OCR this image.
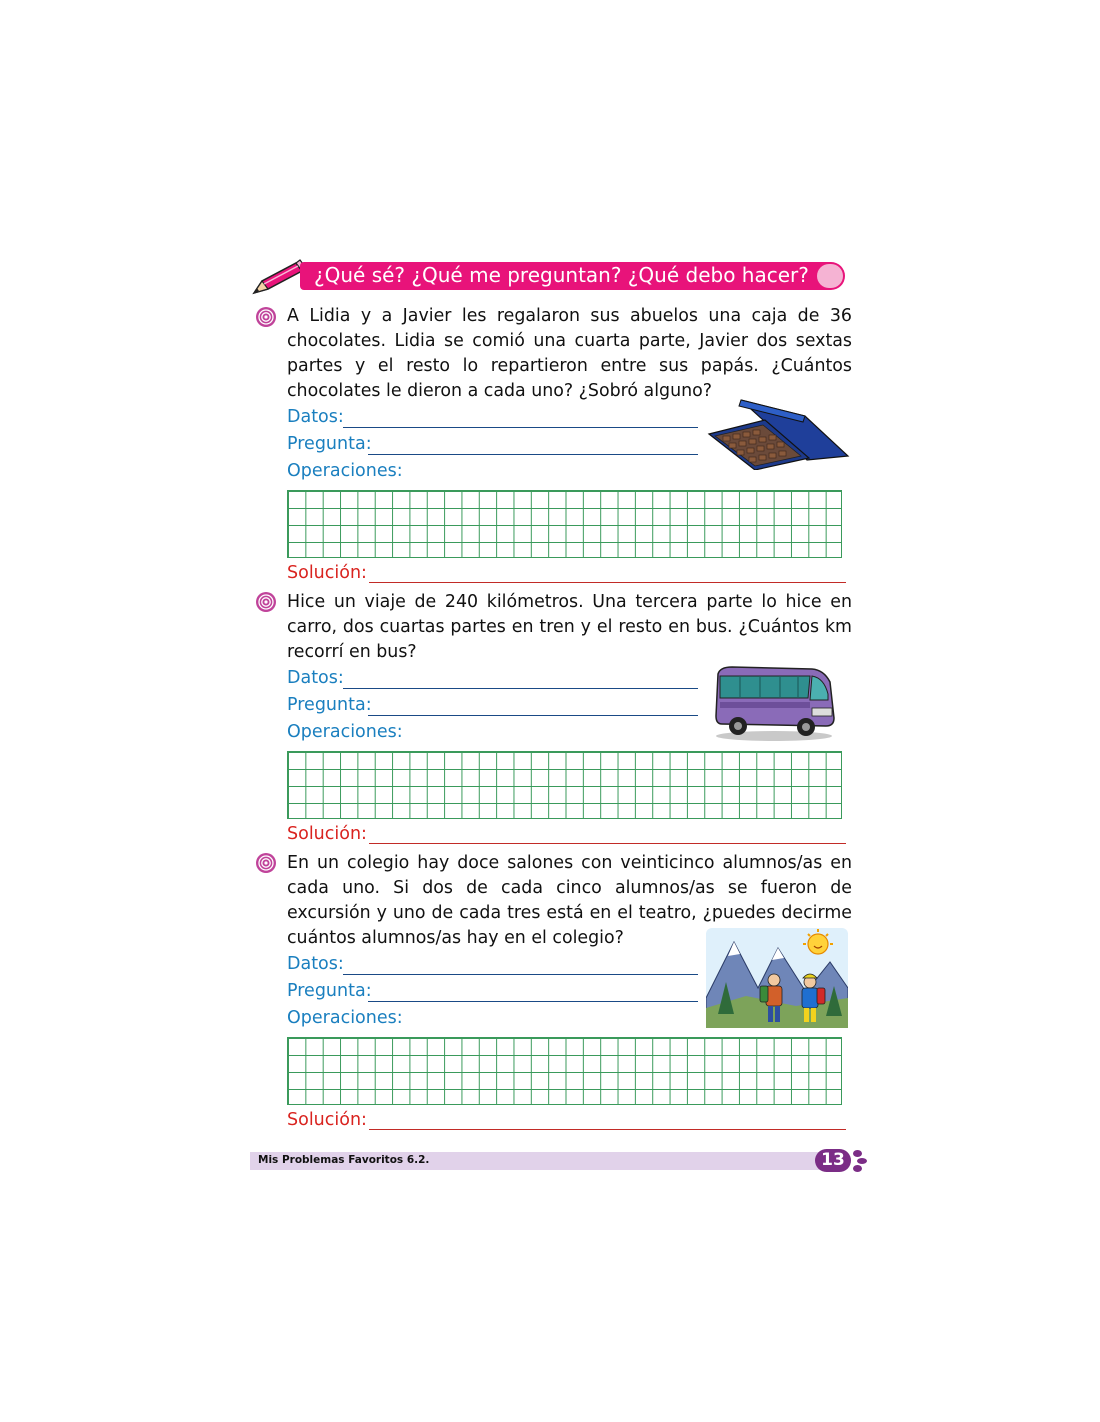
¿Qué sé? ¿Qué me preguntan? ¿Qué debo hacer?
A Lidia y a Javier les regalaron sus abuelos una caja de 36 chocolates. Lidia se comió una cuarta parte, Javier dos sextas partes y el resto lo repartieron entre sus papás. ¿Cuántos chocolates le dieron a cada uno? ¿Sobró alguno?
Datos:
Pregunta:
Operaciones:
Solución:
Hice un viaje de 240 kilómetros. Una tercera parte lo hice en carro, dos cuartas partes en tren y el resto en bus. ¿Cuántos km recorrí en bus?
Datos:
Pregunta:
Operaciones:
Solución:
En un colegio hay doce salones con veinticinco alumnos/as en cada uno. Si dos de cada cinco alumnos/as se fueron de excursión y uno de cada tres está en el teatro, ¿puedes decirme cuántos alumnos/as hay en el colegio?
Datos:
Pregunta:
Operaciones:
Solución:
Mis Problemas Favoritos 6.2.	13
